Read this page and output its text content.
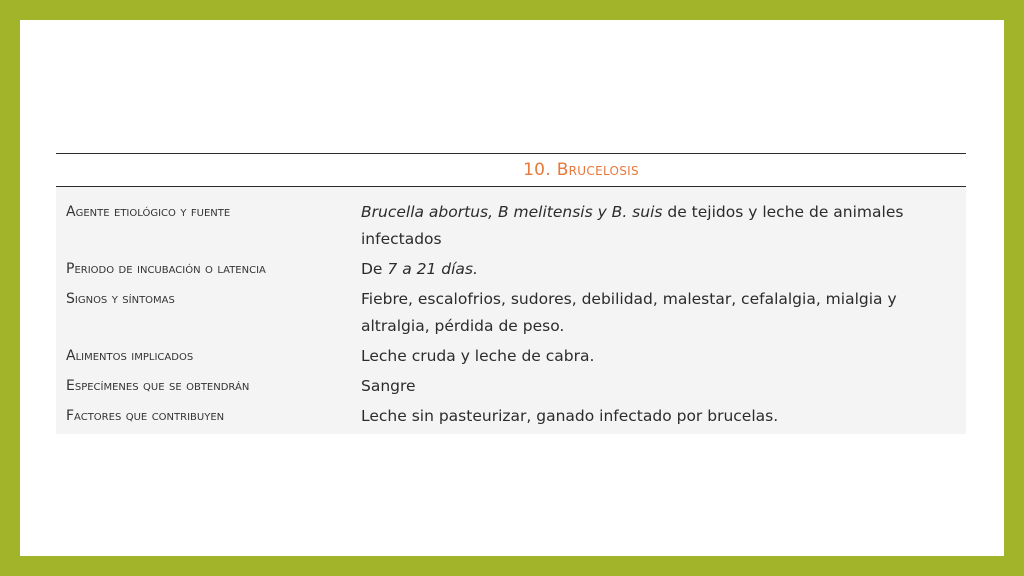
10. Brucelosis
Agente etiológico y fuente	Brucella abortus, B melitensis y B. suis de tejidos y leche de animales infectados
Periodo de incubación o latencia	De 7 a 21 días.
Signos y síntomas	Fiebre, escalofrios, sudores, debilidad, malestar, cefalalgia, mialgia y altralgia, pérdida de peso.
Alimentos implicados	Leche cruda y leche de cabra.
Especímenes que se obtendrán	Sangre
Factores que contribuyen	Leche sin pasteurizar, ganado infectado por brucelas.
